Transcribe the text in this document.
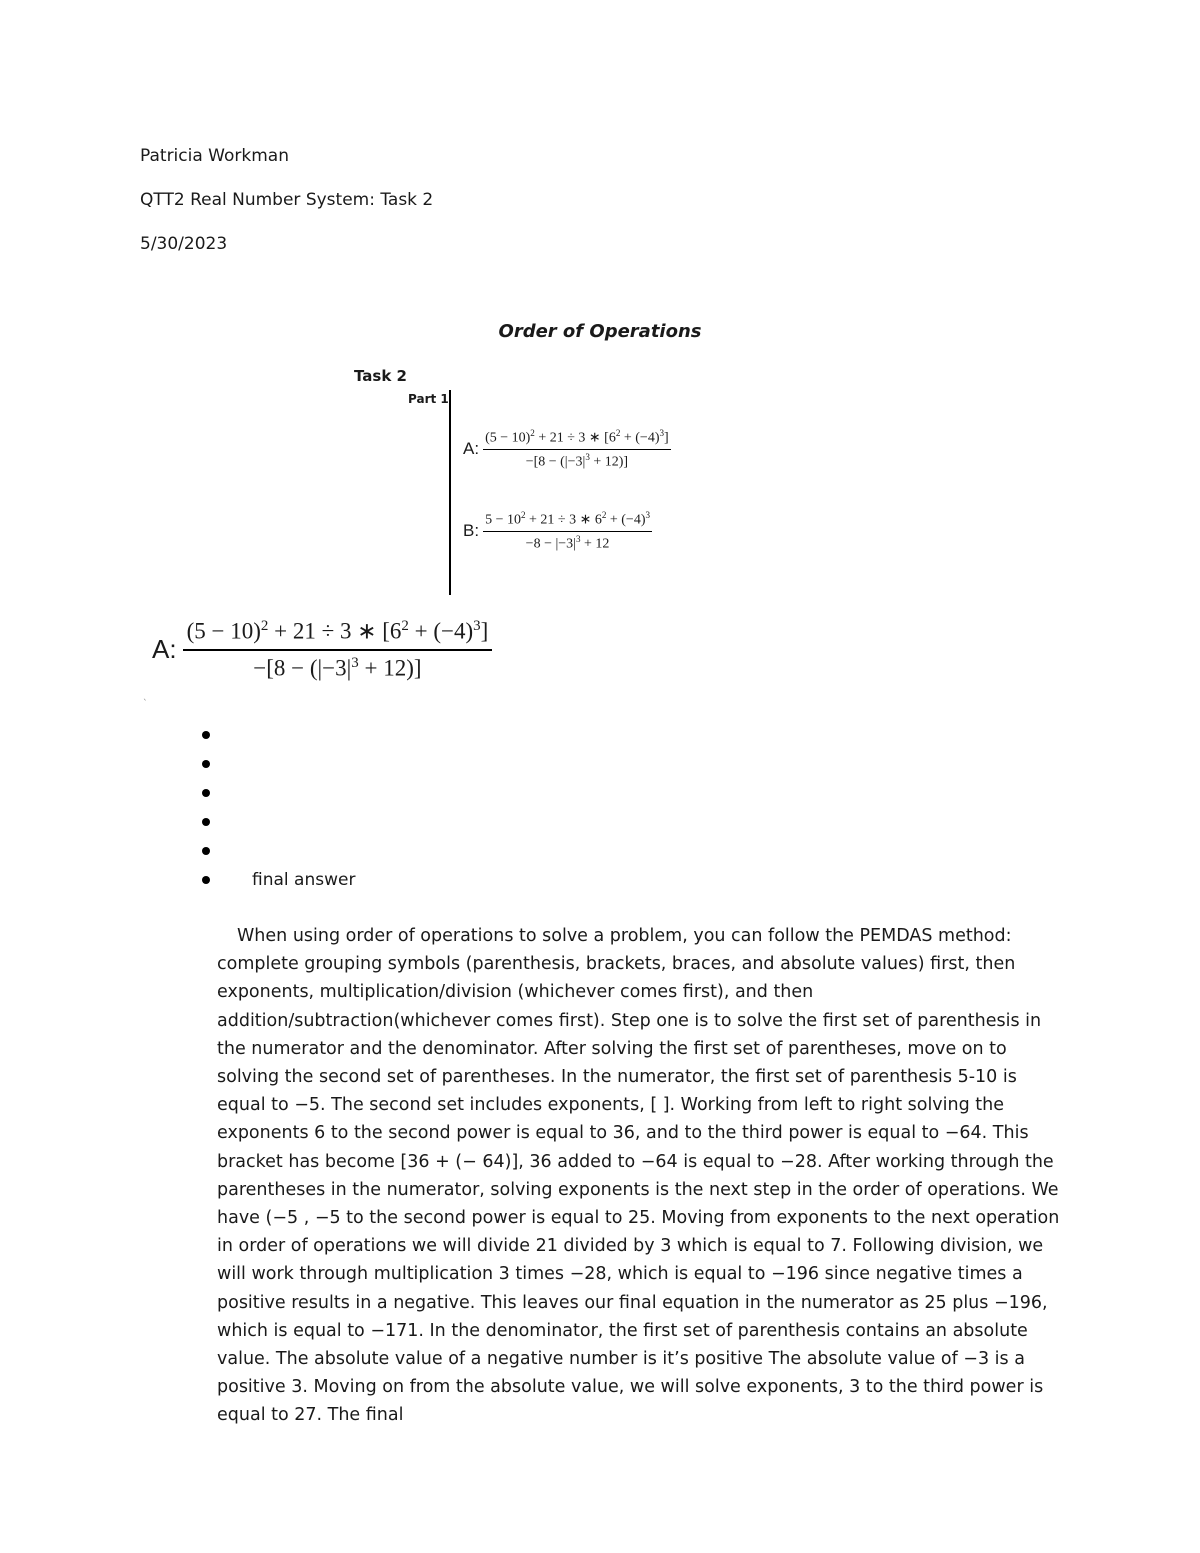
Patricia Workman
QTT2 Real Number System: Task 2
5/30/2023
Order of Operations
Task 2
Part 1
A: $\frac{(5 - 10)^2 + 21 \div 3 ∗ [6^2 + (-4)^3]}{-[8 - (|-3|^3 + 12)]}$
B: $\frac{5 - 10^2 + 21 \div 3 ∗ 6^2 + (-4)^3}{-8 - |-3|^3 + 12}$
A: $\frac{(5 - 10)^2 + 21 \div 3 ∗ [6^2 + (-4)^3]}{-[8 - (|-3|^3 + 12)]}$
`
final answer

When using order of operations to solve a problem, you can follow the PEMDAS method: complete grouping symbols (parenthesis, brackets, braces, and absolute values) first, then exponents, multiplication/division (whichever comes first), and then addition/subtraction(whichever comes first). Step one is to solve the first set of parenthesis in the numerator and the denominator. After solving the first set of parentheses, move on to solving the second set of parentheses. In the numerator, the first set of parenthesis 5-10 is equal to −5. The second set includes exponents, [ ]. Working from left to right solving the exponents 6 to the second power is equal to 36, and to the third power is equal to −64. This bracket has become [36 + (− 64)], 36 added to −64 is equal to −28. After working through the parentheses in the numerator, solving exponents is the next step in the order of operations. We have (−5 , −5 to the second power is equal to 25. Moving from exponents to the next operation in order of operations we will divide 21 divided by 3 which is equal to 7. Following division, we will work through multiplication 3 times −28, which is equal to −196 since negative times a positive results in a negative. This leaves our final equation in the numerator as 25 plus −196, which is equal to −171. In the denominator, the first set of parenthesis contains an absolute value. The absolute value of a negative number is it’s positive The absolute value of −3 is a positive 3. Moving on from the absolute value, we will solve exponents, 3 to the third power is equal to 27. The final
